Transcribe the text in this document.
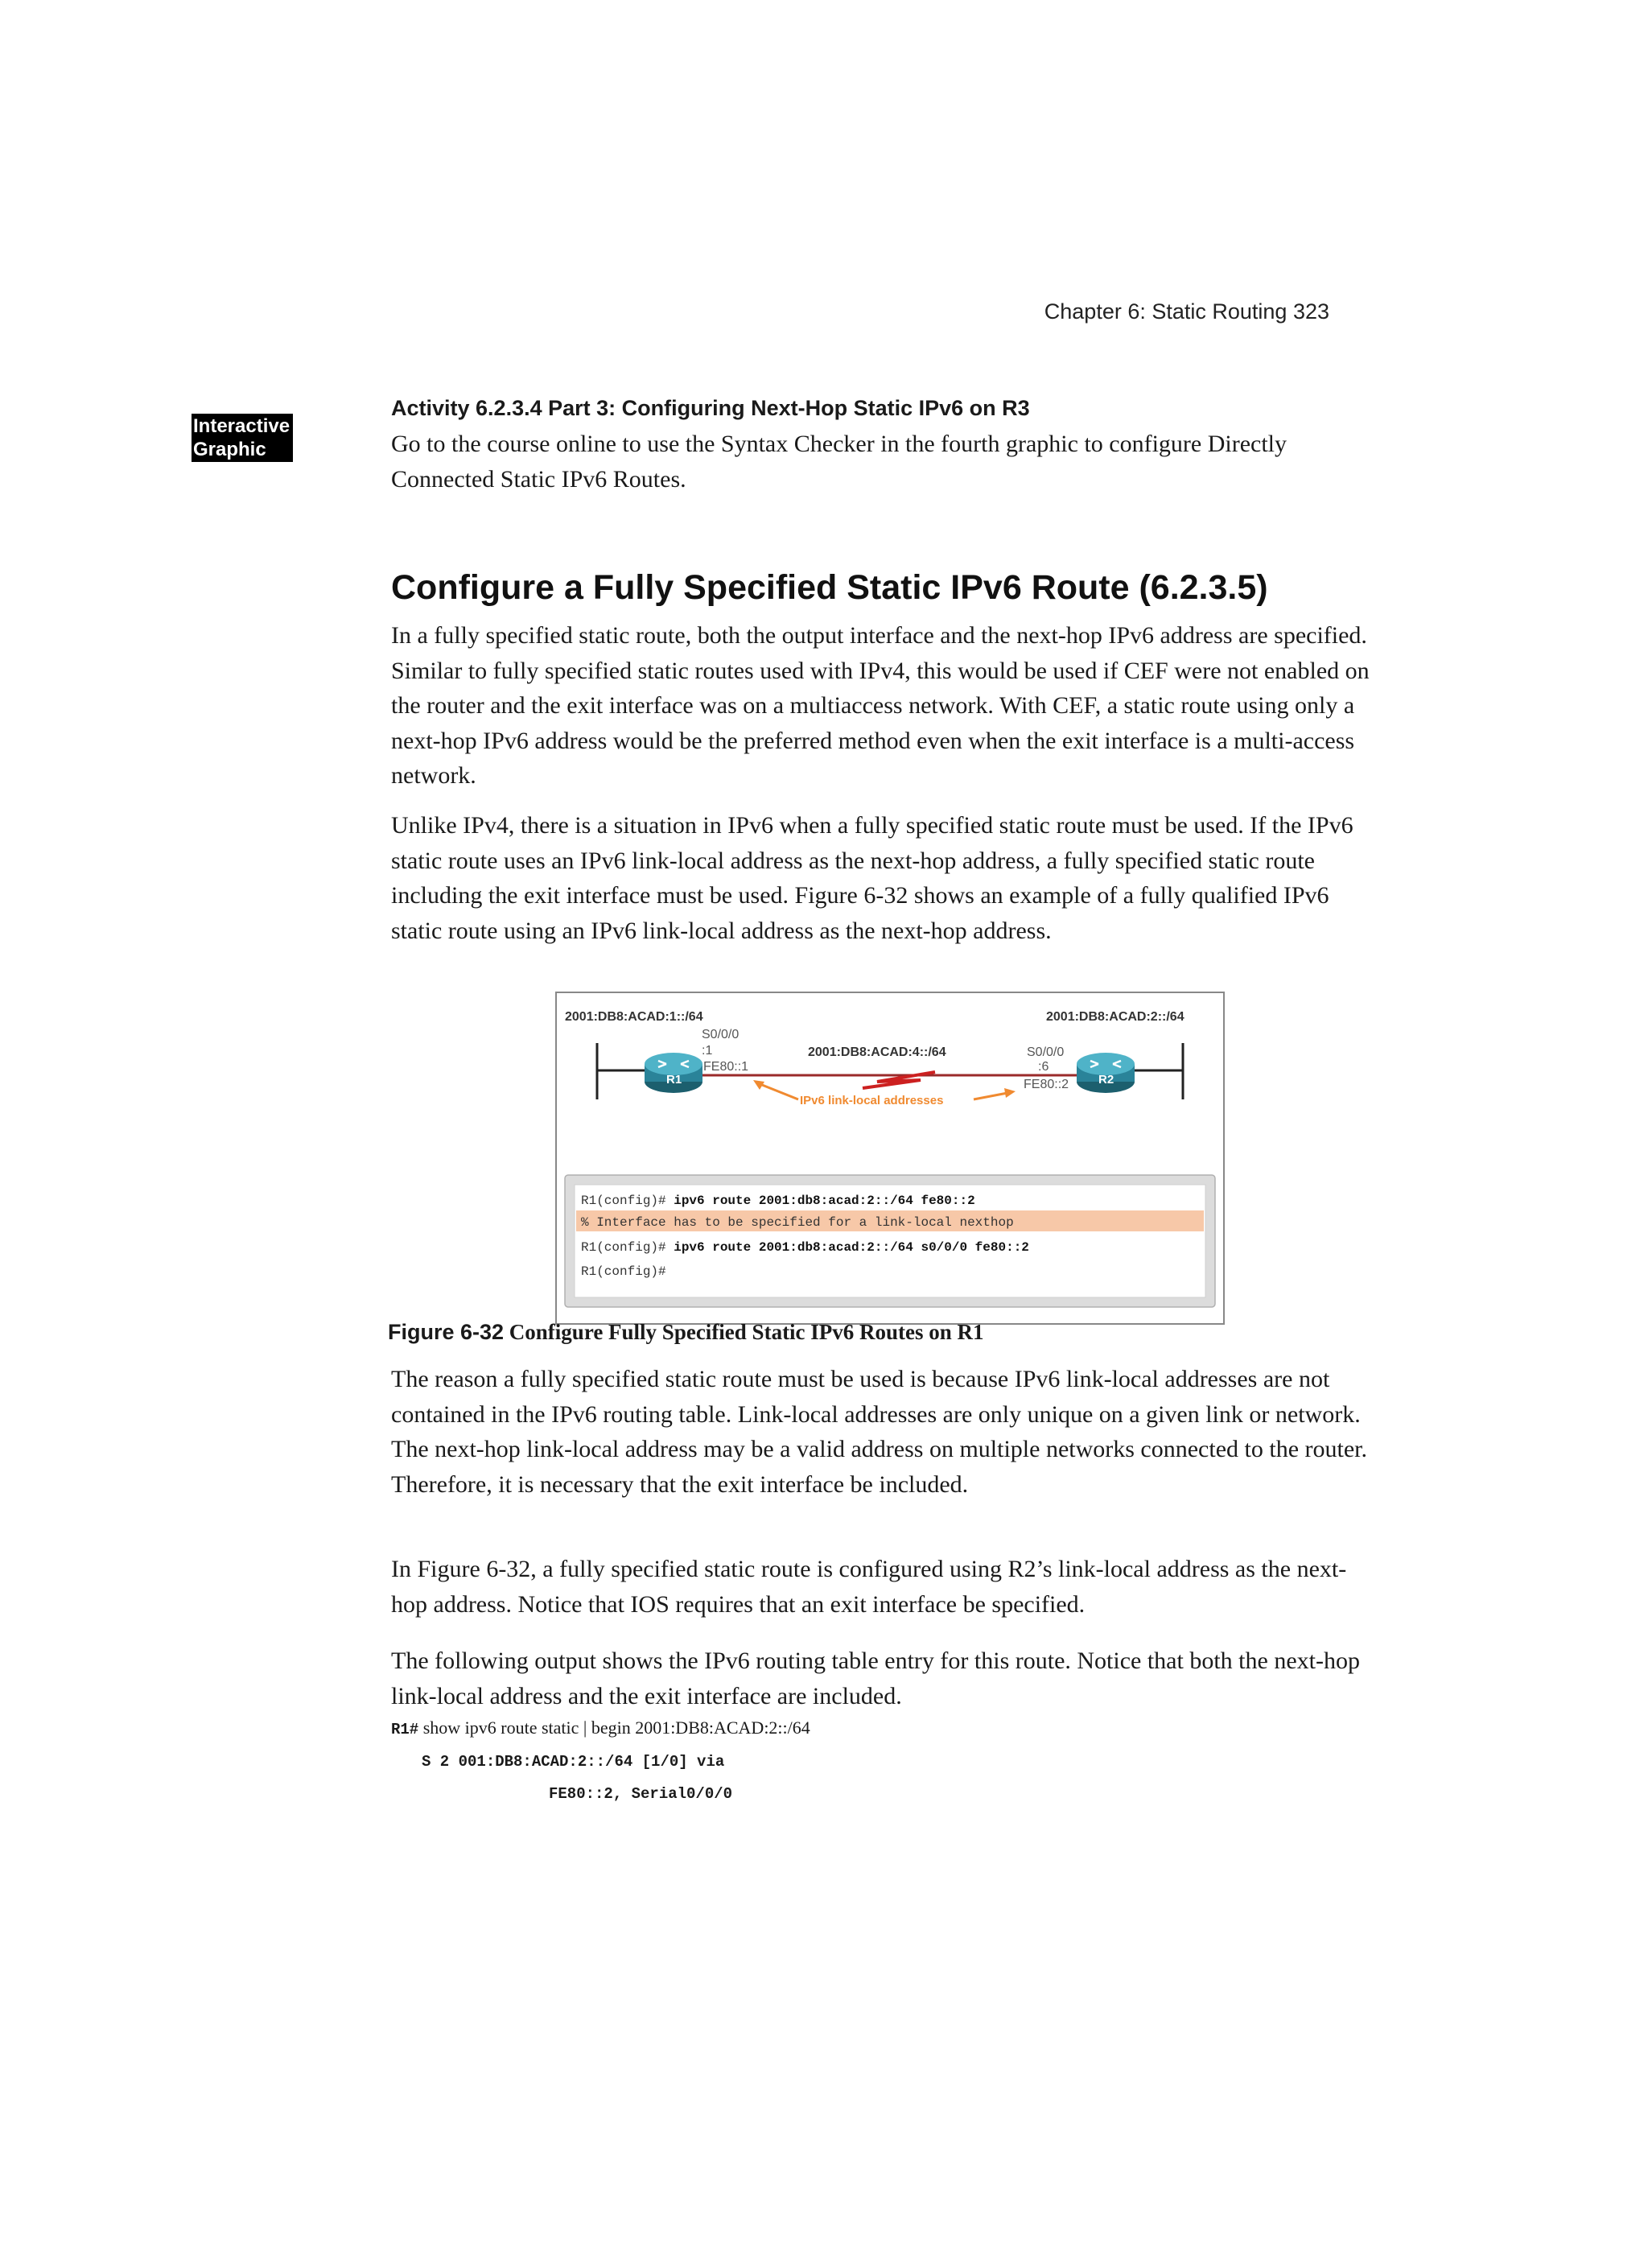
Chapter 6: Static Routing 323
Interactive
Graphic
Activity 6.2.3.4 Part 3: Configuring Next-Hop Static IPv6 on R3
Go to the course online to use the Syntax Checker in the fourth graphic to configure Directly Connected Static IPv6 Routes.
Configure a Fully Specified Static IPv6 Route (6.2.3.5)
In a fully specified static route, both the output interface and the next-hop IPv6 address are specified. Similar to fully specified static routes used with IPv4, this would be used if CEF were not enabled on the router and the exit interface was on a multiaccess network. With CEF, a static route using only a next-hop IPv6 address would be the preferred method even when the exit interface is a multi-access network.
Unlike IPv4, there is a situation in IPv6 when a fully specified static route must be used. If the IPv6 static route uses an IPv6 link-local address as the next-hop address, a fully specified static route including the exit interface must be used. Figure 6-32 shows an example of a fully qualified IPv6 static route using an IPv6 link-local address as the next-hop address.
2001:DB8:ACAD:1::/64	2001:DB8:ACAD:2::/64
2001:DB8:ACAD:4::/64
S0/0/0
:1
FE80::1
S0/0/0
:6
FE80::2
R1	R2
IPv6 link-local addresses
R1(config)# ipv6 route 2001:db8:acad:2::/64 fe80::2
% Interface has to be specified for a link-local nexthop
R1(config)# ipv6 route 2001:db8:acad:2::/64 s0/0/0 fe80::2
R1(config)#
Figure 6-32 Configure Fully Specified Static IPv6 Routes on R1
The reason a fully specified static route must be used is because IPv6 link-local addresses are not contained in the IPv6 routing table. Link-local addresses are only unique on a given link or network. The next-hop link-local address may be a valid address on multiple networks connected to the router. Therefore, it is necessary that the exit interface be included.
In Figure 6-32, a fully specified static route is configured using R2’s link-local address as the next-hop address. Notice that IOS requires that an exit interface be specified.
The following output shows the IPv6 routing table entry for this route. Notice that both the next-hop link-local address and the exit interface are included.
R1# show ipv6 route static | begin 2001:DB8:ACAD:2::/64
S 2 001:DB8:ACAD:2::/64 [1/0] via
FE80::2, Serial0/0/0
